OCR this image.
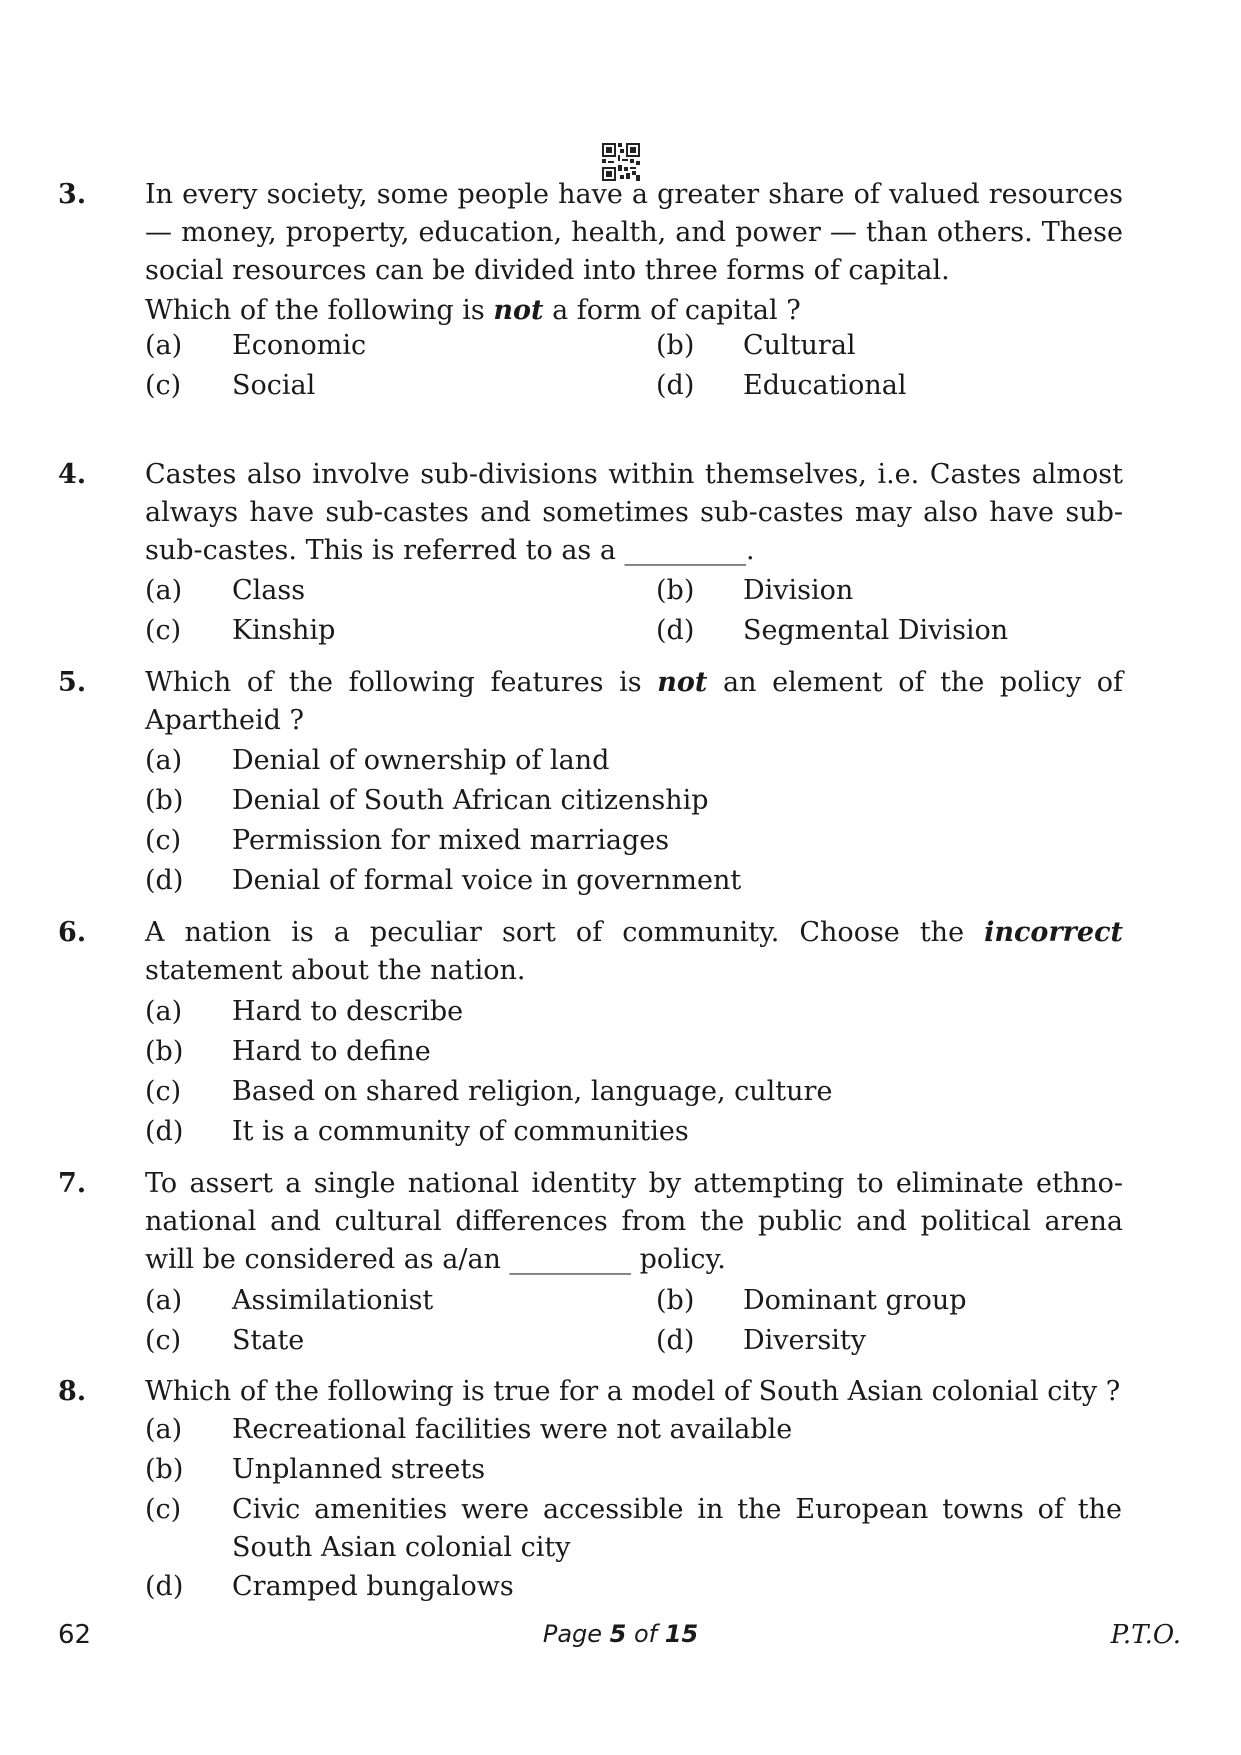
3. In every society, some people have a greater share of valued resources — money, property, education, health, and power — than others. These social resources can be divided into three forms of capital.
Which of the following is not a form of capital ?
(a) Economic	(b) Cultural
(c) Social	(d) Educational
4. Castes also involve sub-divisions within themselves, i.e. Castes almost always have sub-castes and sometimes sub-castes may also have sub-sub-castes. This is referred to as a _________.
(a) Class	(b) Division
(c) Kinship	(d) Segmental Division
5. Which of the following features is not an element of the policy of Apartheid ?
(a) Denial of ownership of land
(b) Denial of South African citizenship
(c) Permission for mixed marriages
(d) Denial of formal voice in government
6. A nation is a peculiar sort of community. Choose the incorrect statement about the nation.
(a) Hard to describe
(b) Hard to define
(c) Based on shared religion, language, culture
(d) It is a community of communities
7. To assert a single national identity by attempting to eliminate ethno-national and cultural differences from the public and political arena will be considered as a/an _________ policy.
(a) Assimilationist	(b) Dominant group
(c) State	(d) Diversity
8. Which of the following is true for a model of South Asian colonial city ?
(a) Recreational facilities were not available
(b) Unplanned streets
(c) Civic amenities were accessible in the European towns of the South Asian colonial city
(d) Cramped bungalows
62	Page 5 of 15	P.T.O.
